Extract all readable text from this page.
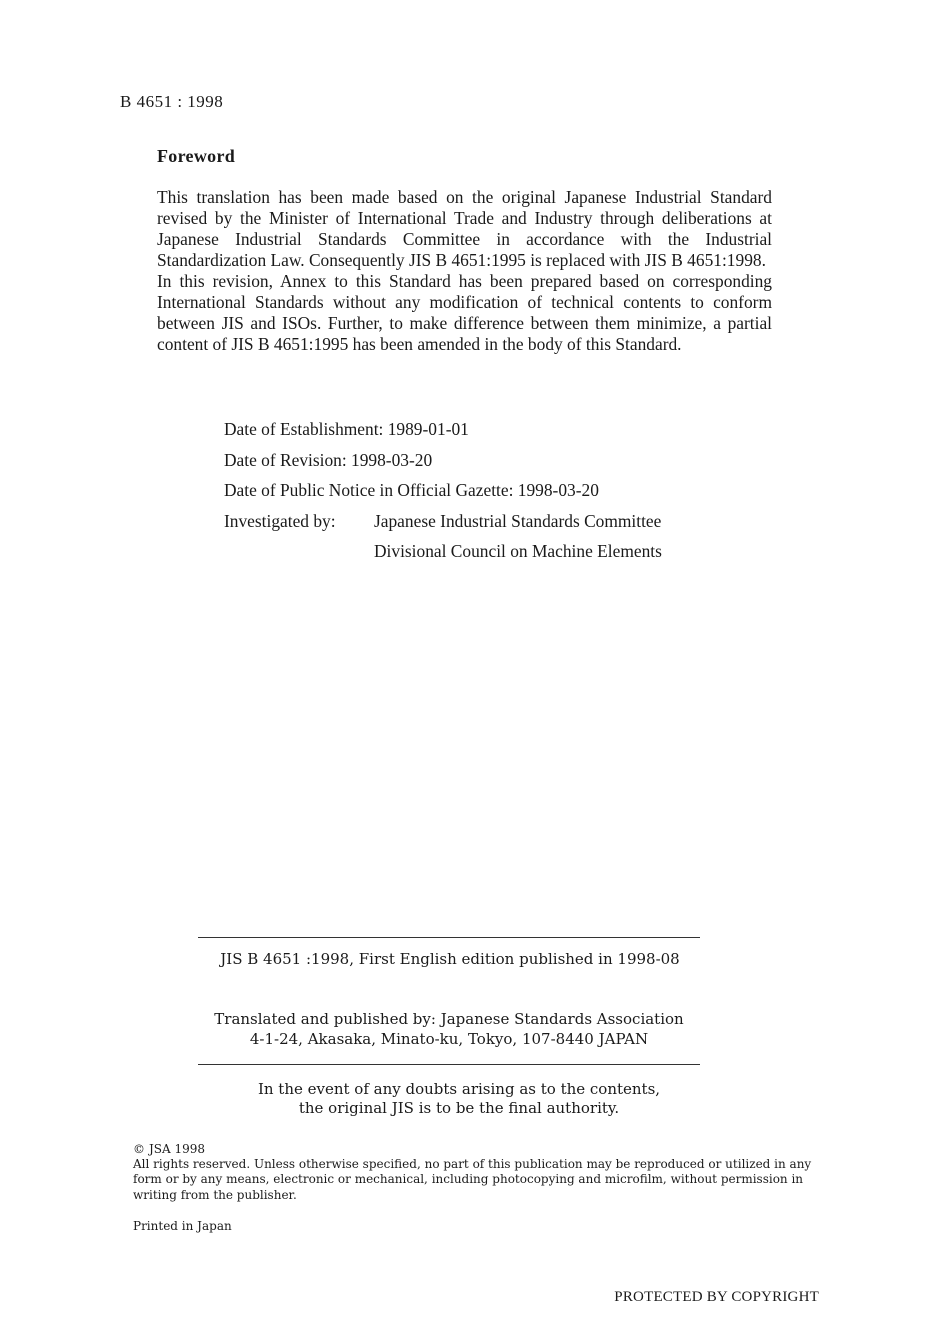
B 4651 : 1998
Foreword

This translation has been made based on the original Japanese Industrial Standard revised by the Minister of International Trade and Industry through deliberations at Japanese Industrial Standards Committee in accordance with the Industrial Standardization Law. Consequently JIS B 4651:1995 is replaced with JIS B 4651:1998.

In this revision, Annex to this Standard has been prepared based on corresponding International Standards without any modification of technical contents to conform between JIS and ISOs. Further, to make difference between them minimize, a partial content of JIS B 4651:1995 has been amended in the body of this Standard.

Date of Establishment: 1989-01-01
Date of Revision: 1998-03-20
Date of Public Notice in Official Gazette: 1998-03-20
Investigated by:	Japanese Industrial Standards Committee
Divisional Council on Machine Elements
JIS B 4651 :1998, First English edition published in 1998-08
Translated and published by: Japanese Standards Association
4-1-24, Akasaka, Minato-ku, Tokyo, 107-8440 JAPAN
In the event of any doubts arising as to the contents,
the original JIS is to be the final authority.
© JSA 1998
All rights reserved. Unless otherwise specified, no part of this publication may be reproduced or utilized in any form or by any means, electronic or mechanical, including photocopying and microfilm, without permission in writing from the publisher.
Printed in Japan
PROTECTED BY COPYRIGHT
